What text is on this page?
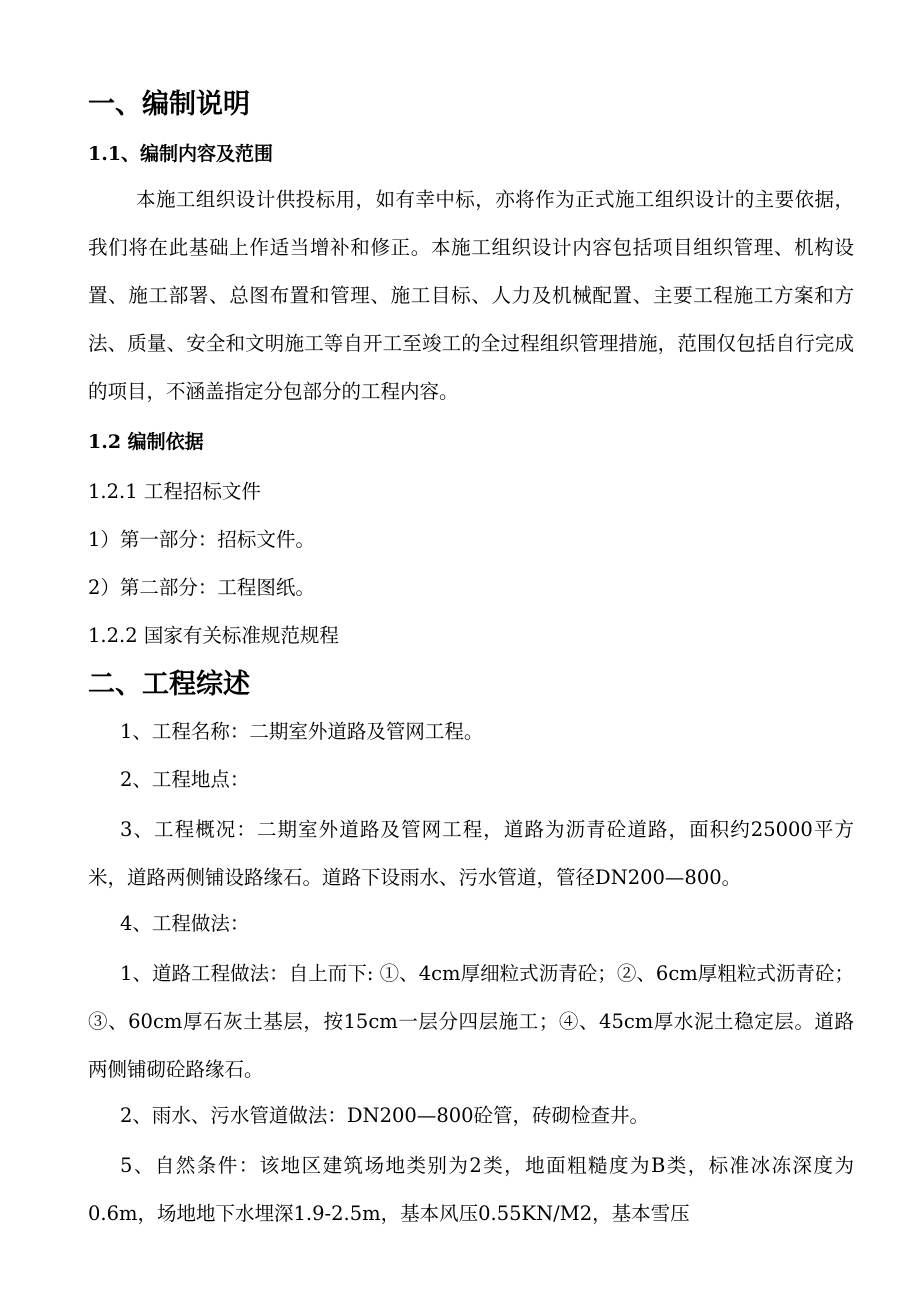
一、编制说明
1.1、编制内容及范围
本施工组织设计供投标用，如有幸中标，亦将作为正式施工组织设计的主要依据，我们将在此基础上作适当增补和修正。本施工组织设计内容包括项目组织管理、机构设置、施工部署、总图布置和管理、施工目标、人力及机械配置、主要工程施工方案和方法、质量、安全和文明施工等自开工至竣工的全过程组织管理措施，范围仅包括自行完成的项目，不涵盖指定分包部分的工程内容。
1.2 编制依据
1.2.1 工程招标文件
1）第一部分：招标文件。
2）第二部分：工程图纸。
1.2.2 国家有关标准规范规程
二、工程综述
1、工程名称：二期室外道路及管网工程。
2、工程地点：
3、工程概况：二期室外道路及管网工程，道路为沥青砼道路，面积约25000平方米，道路两侧铺设路缘石。道路下设雨水、污水管道，管径DN200—800。
4、工程做法：
1、道路工程做法：自上而下: ①、4cm厚细粒式沥青砼；②、6cm厚粗粒式沥青砼；③、60cm厚石灰土基层，按15cm一层分四层施工；④、45cm厚水泥土稳定层。道路两侧铺砌砼路缘石。
2、雨水、污水管道做法：DN200—800砼管，砖砌检查井。
5、自然条件：该地区建筑场地类别为2类，地面粗糙度为B类，标准冰冻深度为0.6m，场地地下水埋深1.9-2.5m，基本风压0.55KN/M2，基本雪压
